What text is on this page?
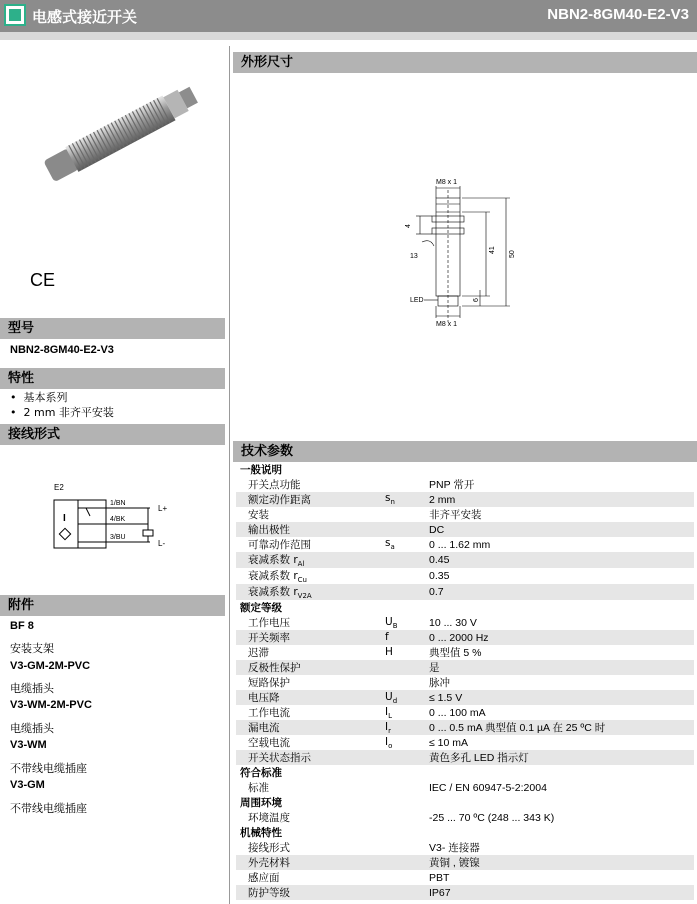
电感式接近开关	NBN2-8GM40-E2-V3
CE
型号
NBN2-8GM40-E2-V3
特性
•  基本系列
•  2 mm 非齐平安装
接线形式
E2
I
1/BN
4/BK
3/BU
L+
L-
附件
BF 8
安装支架
V3-GM-2M-PVC
电缆插头
V3-WM-2M-PVC
电缆插头
V3-WM
不带线电缆插座
V3-GM
不带线电缆插座
外形尺寸
M8 x 1
M8 x 1
4
13
41
50
6
LED
技术参数
一般说明		
开关点功能		PNP 常开
额定动作距离	$s_n$	2 mm
安装		非齐平安装
输出极性		DC
可靠动作范围	$s_a$	0 ... 1.62 mm
衰减系数 $r_{Al}$		0.45
衰减系数 $r_{Cu}$		0.35
衰减系数 $r_{V2A}$		0.7
额定等级		
工作电压	$U_B$	10 ... 30 V
开关频率	f	0 ... 2000 Hz
迟滞	H	典型值 5 %
反极性保护		是
短路保护		脉冲
电压降	$U_d$	≤ 1.5 V
工作电流	$I_L$	0 ... 100 mA
漏电流	$I_r$	0 ... 0.5 mA 典型值 0.1 µA 在 25 ºC 时
空载电流	$I_o$	≤ 10 mA
开关状态指示		黄色多孔 LED 指示灯
符合标准		
标准		IEC / EN 60947-5-2:2004
周围环境		
环境温度		-25 ... 70 ºC (248 ... 343 K)
机械特性		
接线形式		V3- 连接器
外壳材料		黄铜 , 镀镍
感应面		PBT
防护等级		IP67
